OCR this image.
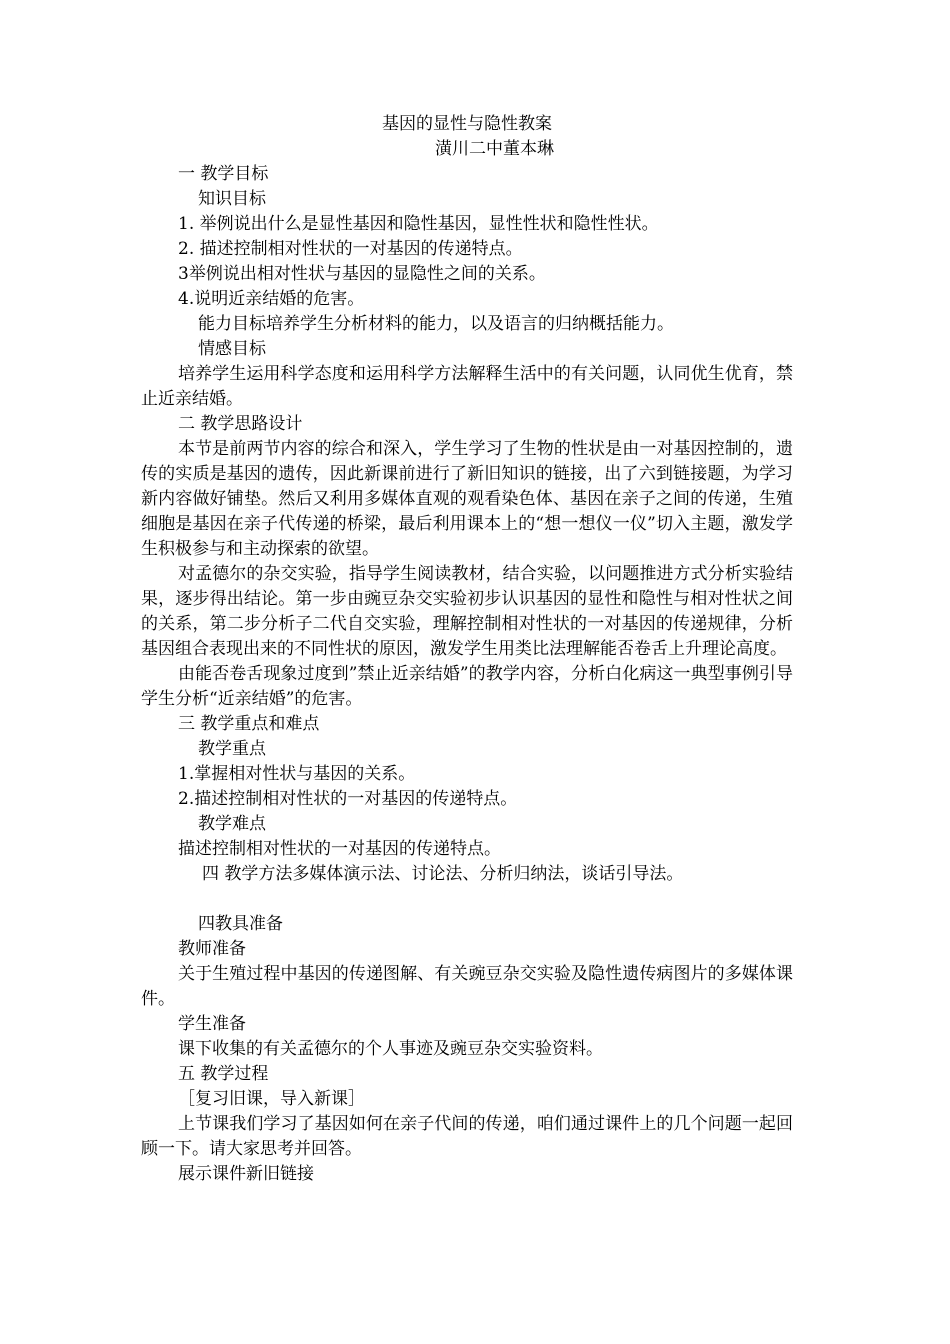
基因的显性与隐性教案
潢川二中董本琳
一 教学目标
知识目标
1. 举例说出什么是显性基因和隐性基因，显性性状和隐性性状。
2. 描述控制相对性状的一对基因的传递特点。
3举例说出相对性状与基因的显隐性之间的关系。
4.说明近亲结婚的危害。
能力目标培养学生分析材料的能力，以及语言的归纳概括能力。
情感目标
培养学生运用科学态度和运用科学方法解释生活中的有关问题，认同优生优育，禁止近亲结婚。
二 教学思路设计
本节是前两节内容的综合和深入，学生学习了生物的性状是由一对基因控制的，遗传的实质是基因的遗传，因此新课前进行了新旧知识的链接，出了六到链接题，为学习新内容做好铺垫。然后又利用多媒体直观的观看染色体、基因在亲子之间的传递，生殖细胞是基因在亲子代传递的桥梁，最后利用课本上的“想一想仪一仪”切入主题，激发学生积极参与和主动探索的欲望。
对孟德尔的杂交实验，指导学生阅读教材，结合实验，以问题推进方式分析实验结果，逐步得出结论。第一步由豌豆杂交实验初步认识基因的显性和隐性与相对性状之间的关系，第二步分析子二代自交实验，理解控制相对性状的一对基因的传递规律，分析基因组合表现出来的不同性状的原因，激发学生用类比法理解能否卷舌上升理论高度。
由能否卷舌现象过度到”禁止近亲结婚”的教学内容，分析白化病这一典型事例引导学生分析“近亲结婚”的危害。
三 教学重点和难点
教学重点
1.掌握相对性状与基因的关系。
2.描述控制相对性状的一对基因的传递特点。
教学难点
描述控制相对性状的一对基因的传递特点。
四 教学方法多媒体演示法、讨论法、分析归纳法，谈话引导法。
四教具准备
教师准备
关于生殖过程中基因的传递图解、有关豌豆杂交实验及隐性遗传病图片的多媒体课件。
学生准备
课下收集的有关孟德尔的个人事迹及豌豆杂交实验资料。
五 教学过程
［复习旧课，导入新课］
上节课我们学习了基因如何在亲子代间的传递，咱们通过课件上的几个问题一起回顾一下。请大家思考并回答。
展示课件新旧链接
